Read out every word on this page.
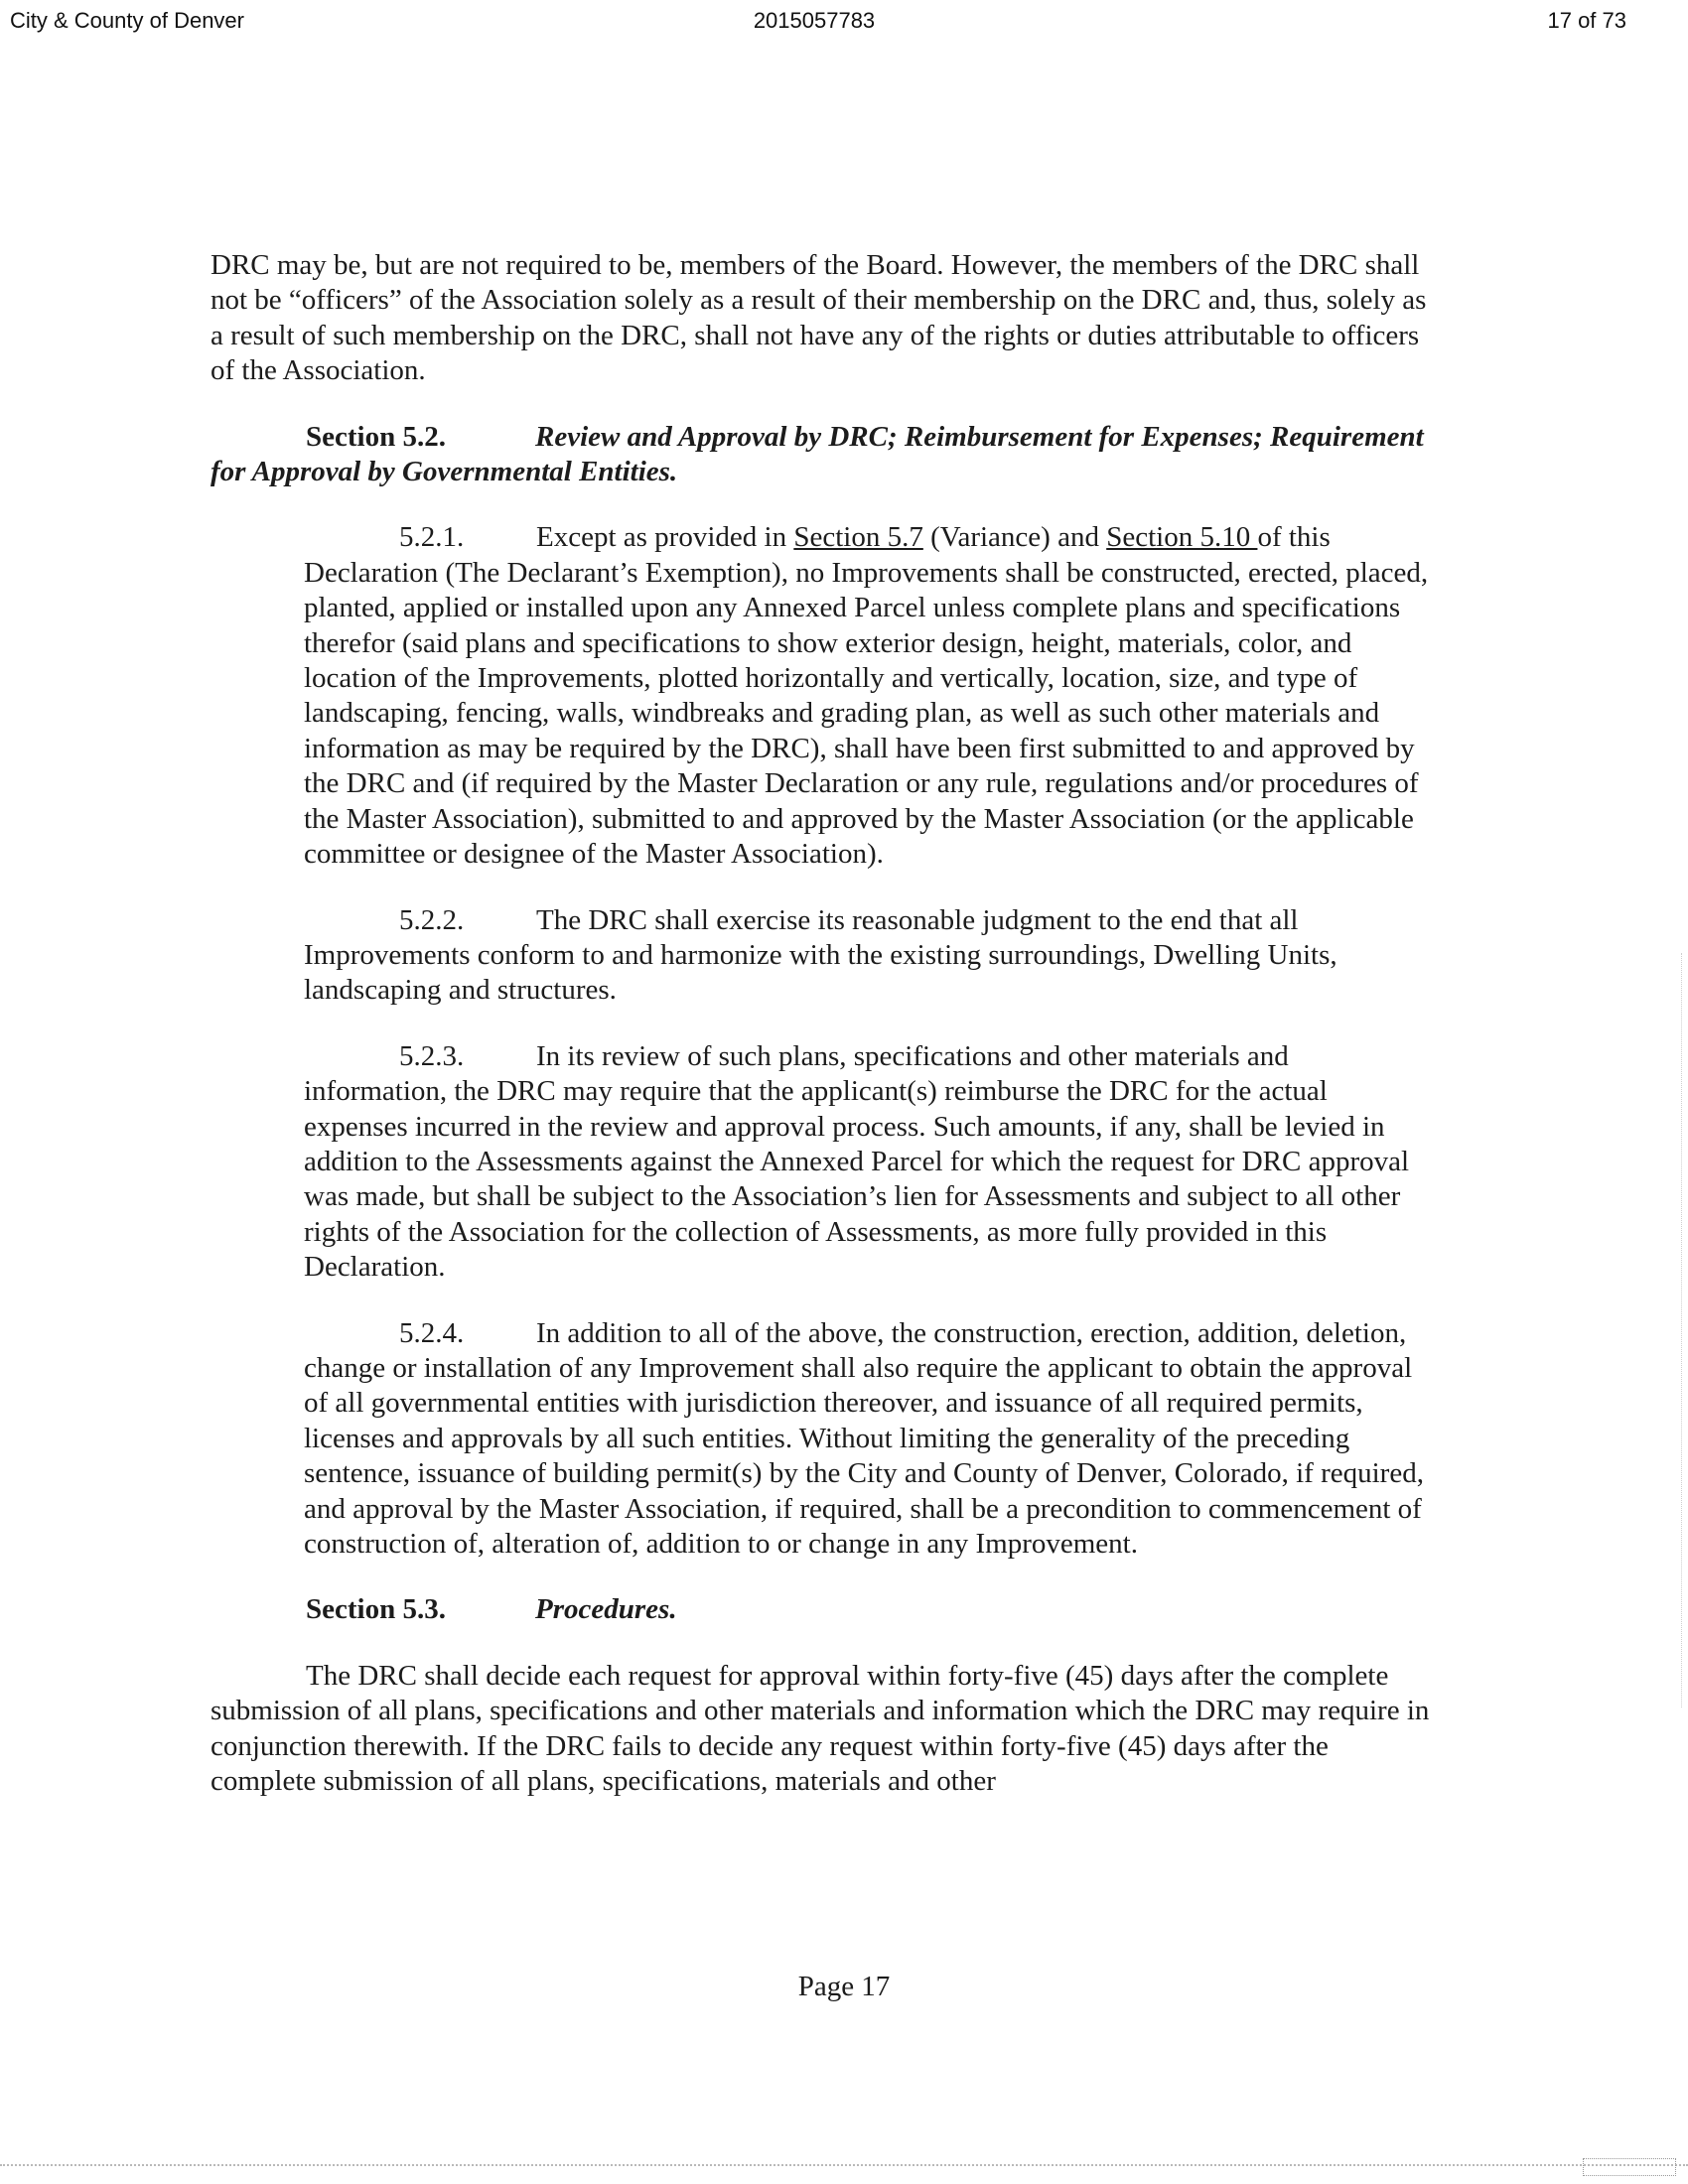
City & County of Denver	2015057783	17 of 73

DRC may be, but are not required to be, members of the Board. However, the members of the DRC shall not be “officers” of the Association solely as a result of their membership on the DRC and, thus, solely as a result of such membership on the DRC, shall not have any of the rights or duties attributable to officers of the Association.

Section 5.2.	Review and Approval by DRC; Reimbursement for Expenses; Requirement for Approval by Governmental Entities.

5.2.1.	Except as provided in Section 5.7 (Variance) and Section 5.10 of this Declaration (The Declarant’s Exemption), no Improvements shall be constructed, erected, placed, planted, applied or installed upon any Annexed Parcel unless complete plans and specifications therefor (said plans and specifications to show exterior design, height, materials, color, and location of the Improvements, plotted horizontally and vertically, location, size, and type of landscaping, fencing, walls, windbreaks and grading plan, as well as such other materials and information as may be required by the DRC), shall have been first submitted to and approved by the DRC and (if required by the Master Declaration or any rule, regulations and/or procedures of the Master Association), submitted to and approved by the Master Association (or the applicable committee or designee of the Master Association).

5.2.2.	The DRC shall exercise its reasonable judgment to the end that all Improvements conform to and harmonize with the existing surroundings, Dwelling Units, landscaping and structures.

5.2.3.	In its review of such plans, specifications and other materials and information, the DRC may require that the applicant(s) reimburse the DRC for the actual expenses incurred in the review and approval process. Such amounts, if any, shall be levied in addition to the Assessments against the Annexed Parcel for which the request for DRC approval was made, but shall be subject to the Association’s lien for Assessments and subject to all other rights of the Association for the collection of Assessments, as more fully provided in this Declaration.

5.2.4.	In addition to all of the above, the construction, erection, addition, deletion, change or installation of any Improvement shall also require the applicant to obtain the approval of all governmental entities with jurisdiction thereover, and issuance of all required permits, licenses and approvals by all such entities. Without limiting the generality of the preceding sentence, issuance of building permit(s) by the City and County of Denver, Colorado, if required, and approval by the Master Association, if required, shall be a precondition to commencement of construction of, alteration of, addition to or change in any Improvement.

Section 5.3.	Procedures.

The DRC shall decide each request for approval within forty-five (45) days after the complete submission of all plans, specifications and other materials and information which the DRC may require in conjunction therewith. If the DRC fails to decide any request within forty-five (45) days after the complete submission of all plans, specifications, materials and other

Page 17
